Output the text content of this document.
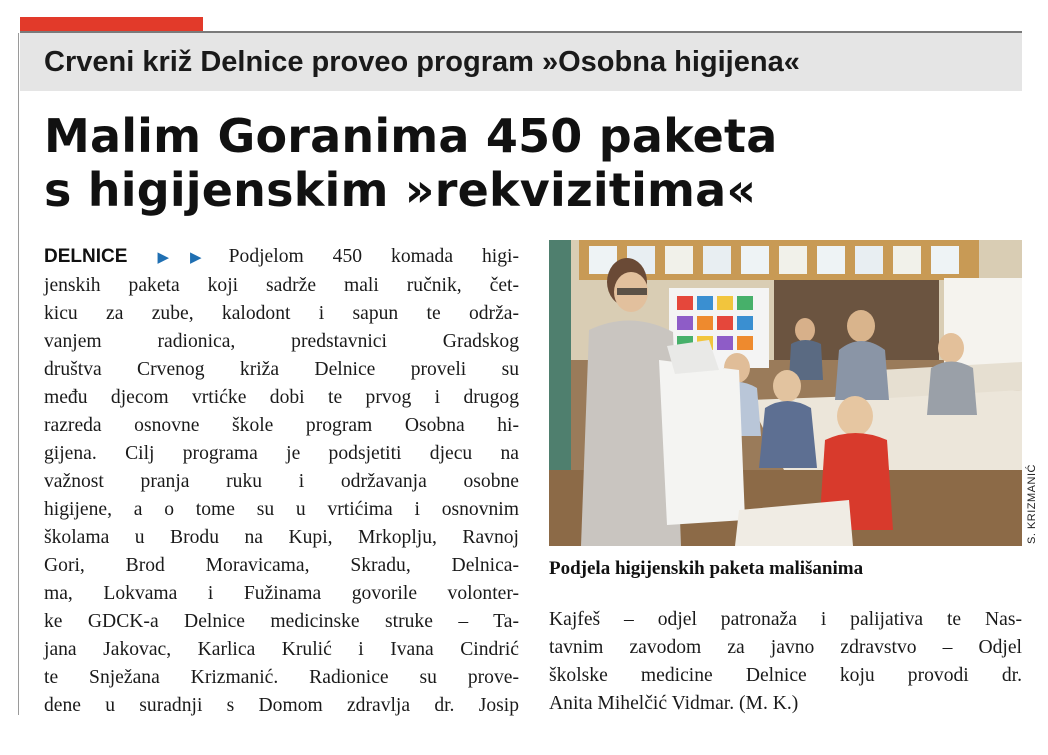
Crveni križ Delnice proveo program »Osobna higijena«
Malim Goranima 450 paketa
s higijenskim »rekvizitima«
DELNICE ▶▶ Podjelom 450 komada higi-
jenskih paketa koji sadrže mali ručnik, čet-
kicu za zube, kalodont i sapun te održa-
vanjem radionica, predstavnici Gradskog
društva Crvenog križa Delnice proveli su
među djecom vrtićke dobi te prvog i drugog
razreda osnovne škole program Osobna hi-
gijena. Cilj programa je podsjetiti djecu na
važnost pranja ruku i održavanja osobne
higijene, a o tome su u vrtićima i osnovnim
školama u Brodu na Kupi, Mrkoplju, Ravnoj
Gori, Brod Moravicama, Skradu, Delnica-
ma, Lokvama i Fužinama govorile volonter-
ke GDCK-a Delnice medicinske struke – Ta-
jana Jakovac, Karlica Krulić i Ivana Cindrić
te Snježana Krizmanić. Radionice su prove-
dene u suradnji s Domom zdravlja dr. Josip
S. KRIZMANIĆ
Podjela higijenskih paketa mališanima
Kajfeš – odjel patronaža i palijativa te Nas-
tavnim zavodom za javno zdravstvo – Odjel
školske medicine Delnice koju provodi dr.
Anita Mihelčić Vidmar. (M. K.)
